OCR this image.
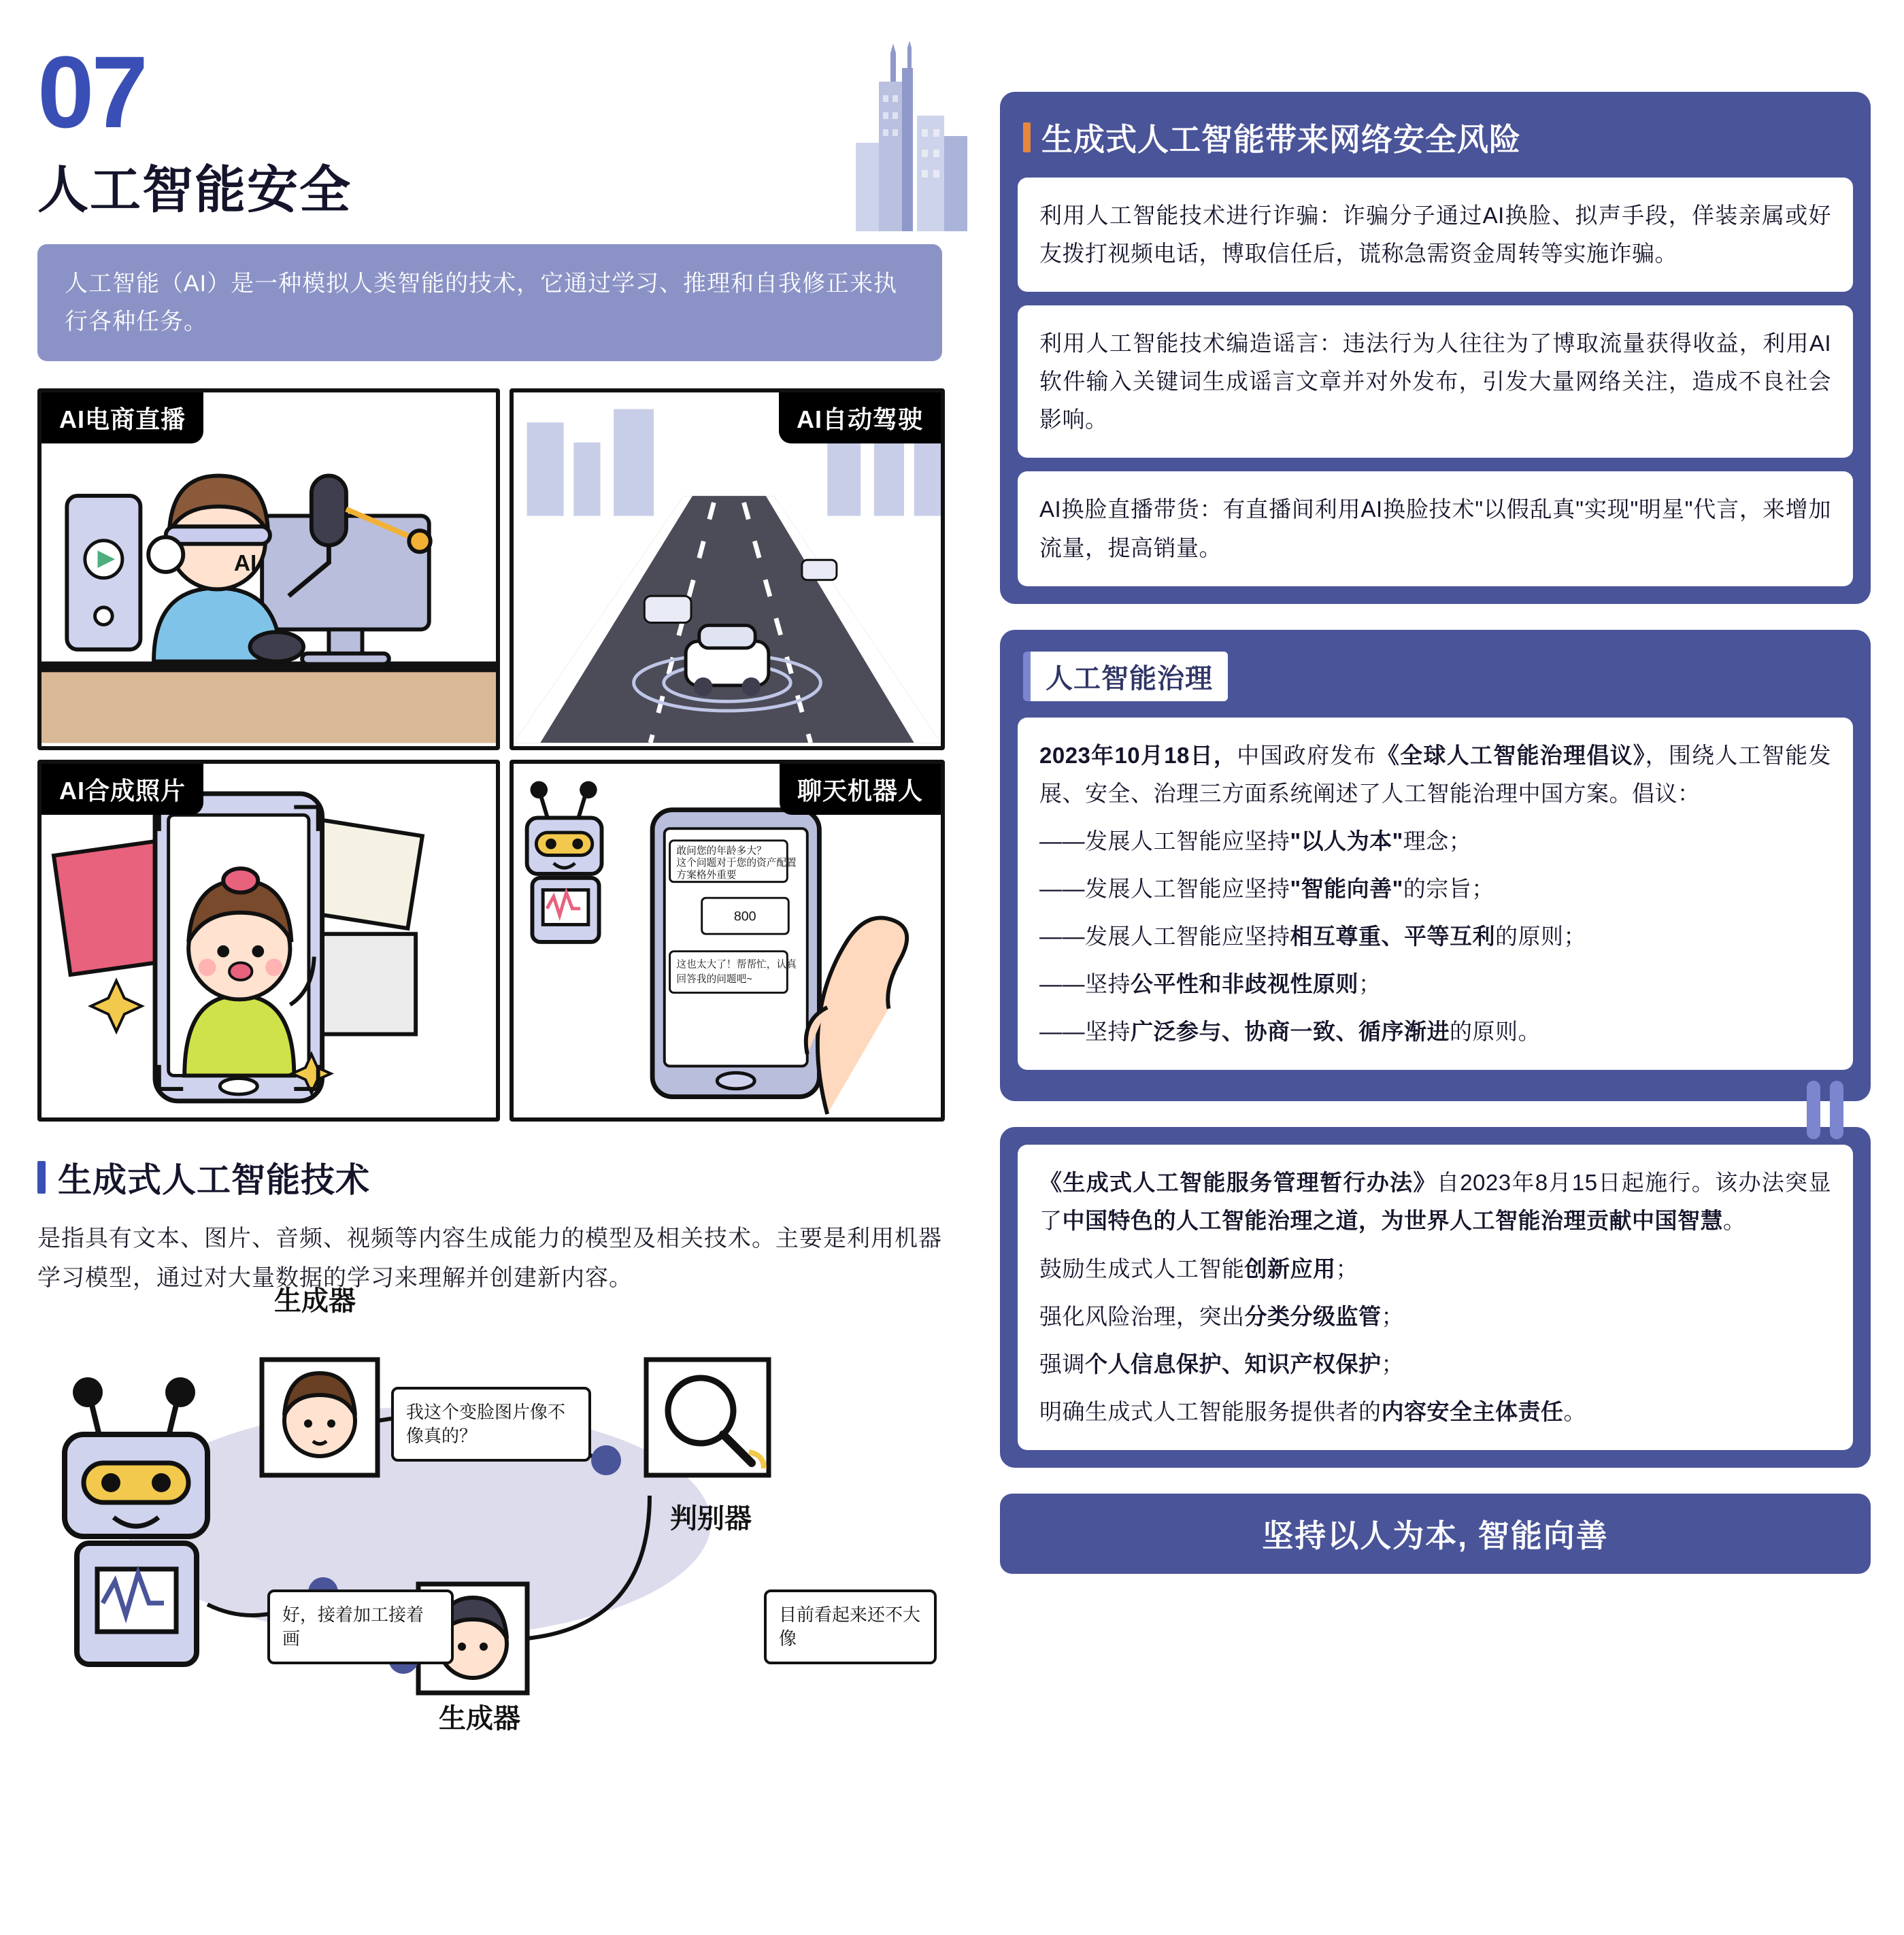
07
人工智能安全
人工智能（AI）是一种模拟人类智能的技术，它通过学习、推理和自我修正来执行各种任务。
AI电商直播
AI
AI自动驾驶
AI合成照片	聊天机器人
敢问您的年龄多大？
这个问题对于您的资产配置
方案格外重要
800
这也太大了！帮帮忙，认真
回答我的问题吧~
生成式人工智能技术
是指具有文本、图片、音频、视频等内容生成能力的模型及相关技术。主要是利用机器学习模型，通过对大量数据的学习来理解并创建新内容。
生成器
生成器
判别器
我这个变脸图片像不像真的？
好，接着加工接着画
目前看起来还不大像
生成式人工智能带来网络安全风险
利用人工智能技术进行诈骗：诈骗分子通过AI换脸、拟声手段，佯装亲属或好友拨打视频电话，博取信任后，谎称急需资金周转等实施诈骗。
利用人工智能技术编造谣言：违法行为人往往为了博取流量获得收益，利用AI软件输入关键词生成谣言文章并对外发布，引发大量网络关注，造成不良社会影响。
AI换脸直播带货：有直播间利用AI换脸技术"以假乱真"实现"明星"代言，来增加流量，提高销量。
人工智能治理

2023年10月18日，中国政府发布《全球人工智能治理倡议》，围绕人工智能发展、安全、治理三方面系统阐述了人工智能治理中国方案。倡议：

——发展人工智能应坚持"以人为本"理念；

——发展人工智能应坚持"智能向善"的宗旨；

——发展人工智能应坚持相互尊重、平等互利的原则；

——坚持公平性和非歧视性原则；

——坚持广泛参与、协商一致、循序渐进的原则。

《生成式人工智能服务管理暂行办法》自2023年8月15日起施行。该办法突显了中国特色的人工智能治理之道，为世界人工智能治理贡献中国智慧。

鼓励生成式人工智能创新应用；

强化风险治理，突出分类分级监管；

强调个人信息保护、知识产权保护；

明确生成式人工智能服务提供者的内容安全主体责任。

坚持以人为本, 智能向善
